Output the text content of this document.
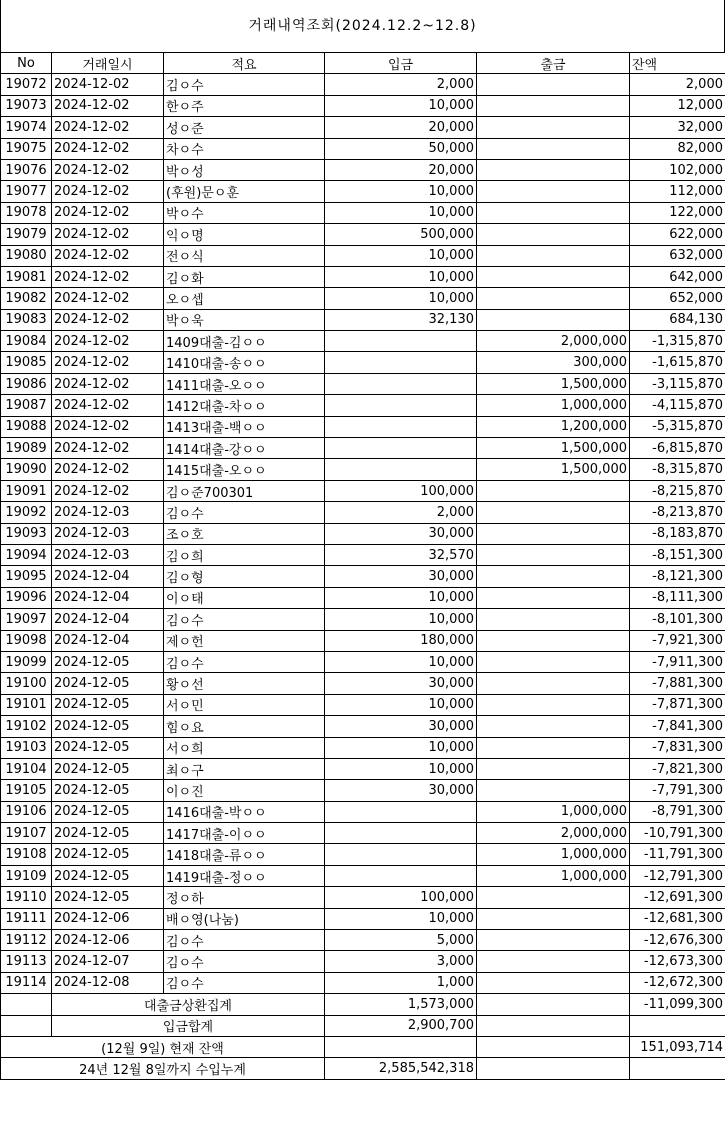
거래내역조회(2024.12.2~12.8)
No	거래일시	적요	입금	출금	잔액
19072	2024-12-02	김ㅇ수	2,000		2,000
19073	2024-12-02	한ㅇ주	10,000		12,000
19074	2024-12-02	성ㅇ준	20,000		32,000
19075	2024-12-02	차ㅇ수	50,000		82,000
19076	2024-12-02	박ㅇ성	20,000		102,000
19077	2024-12-02	(후원)문ㅇ훈	10,000		112,000
19078	2024-12-02	박ㅇ수	10,000		122,000
19079	2024-12-02	익ㅇ명	500,000		622,000
19080	2024-12-02	전ㅇ식	10,000		632,000
19081	2024-12-02	김ㅇ화	10,000		642,000
19082	2024-12-02	오ㅇ셉	10,000		652,000
19083	2024-12-02	박ㅇ욱	32,130		684,130
19084	2024-12-02	1409대출-김ㅇㅇ		2,000,000	-1,315,870
19085	2024-12-02	1410대출-송ㅇㅇ		300,000	-1,615,870
19086	2024-12-02	1411대출-오ㅇㅇ		1,500,000	-3,115,870
19087	2024-12-02	1412대출-차ㅇㅇ		1,000,000	-4,115,870
19088	2024-12-02	1413대출-백ㅇㅇ		1,200,000	-5,315,870
19089	2024-12-02	1414대출-강ㅇㅇ		1,500,000	-6,815,870
19090	2024-12-02	1415대출-오ㅇㅇ		1,500,000	-8,315,870
19091	2024-12-02	김ㅇ준700301	100,000		-8,215,870
19092	2024-12-03	김ㅇ수	2,000		-8,213,870
19093	2024-12-03	조ㅇ호	30,000		-8,183,870
19094	2024-12-03	김ㅇ희	32,570		-8,151,300
19095	2024-12-04	김ㅇ형	30,000		-8,121,300
19096	2024-12-04	이ㅇ태	10,000		-8,111,300
19097	2024-12-04	김ㅇ수	10,000		-8,101,300
19098	2024-12-04	제ㅇ헌	180,000		-7,921,300
19099	2024-12-05	김ㅇ수	10,000		-7,911,300
19100	2024-12-05	황ㅇ선	30,000		-7,881,300
19101	2024-12-05	서ㅇ민	10,000		-7,871,300
19102	2024-12-05	힘ㅇ요	30,000		-7,841,300
19103	2024-12-05	서ㅇ희	10,000		-7,831,300
19104	2024-12-05	최ㅇ구	10,000		-7,821,300
19105	2024-12-05	이ㅇ진	30,000		-7,791,300
19106	2024-12-05	1416대출-박ㅇㅇ		1,000,000	-8,791,300
19107	2024-12-05	1417대출-이ㅇㅇ		2,000,000	-10,791,300
19108	2024-12-05	1418대출-류ㅇㅇ		1,000,000	-11,791,300
19109	2024-12-05	1419대출-정ㅇㅇ		1,000,000	-12,791,300
19110	2024-12-05	정ㅇ하	100,000		-12,691,300
19111	2024-12-06	배ㅇ영(나눔)	10,000		-12,681,300
19112	2024-12-06	김ㅇ수	5,000		-12,676,300
19113	2024-12-07	김ㅇ수	3,000		-12,673,300
19114	2024-12-08	김ㅇ수	1,000		-12,672,300
	대출금상환집계		1,573,000		-11,099,300
	입금합계		2,900,700		
(12월 9일) 현재 잔액					151,093,714
24년 12월 8일까지 수입누계			2,585,542,318		
